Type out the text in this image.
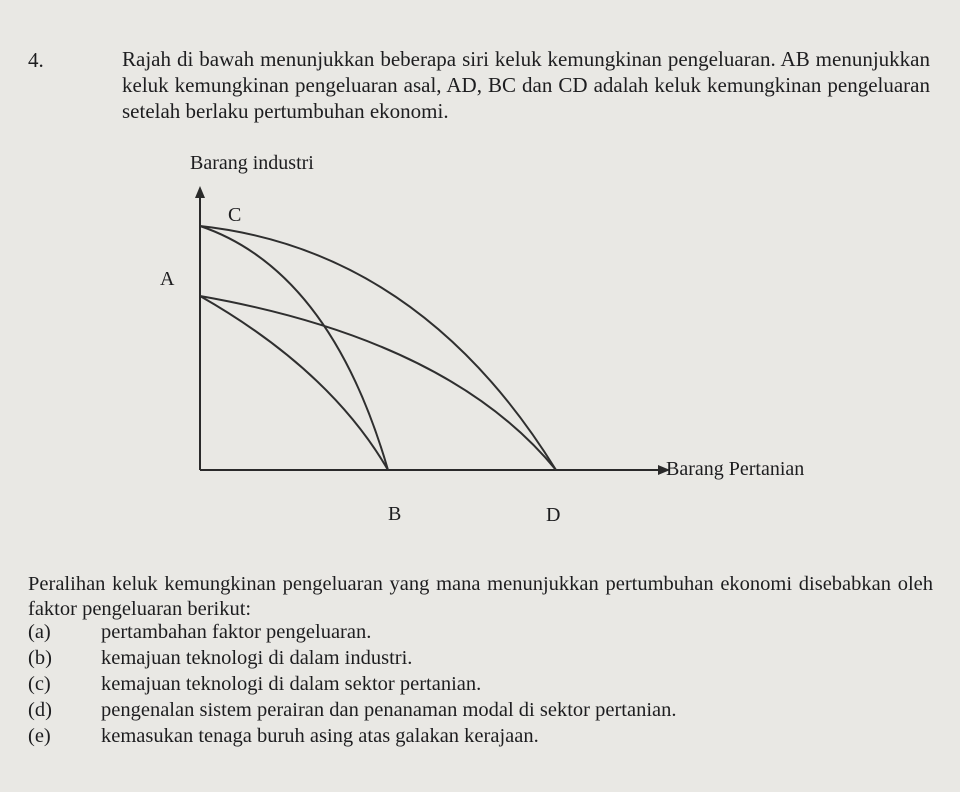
4.	Rajah di bawah menunjukkan beberapa siri keluk kemungkinan pengeluaran. AB menunjukkan keluk kemungkinan pengeluaran asal, AD, BC dan CD adalah keluk kemungkinan pengeluaran setelah berlaku pertumbuhan ekonomi.
Barang industri
C
A
Barang Pertanian
B	D
Peralihan keluk kemungkinan pengeluaran yang mana menunjukkan pertumbuhan ekonomi disebabkan oleh faktor pengeluaran berikut:
(a) pertambahan faktor pengeluaran.
(b) kemajuan teknologi di dalam industri.
(c) kemajuan teknologi di dalam sektor pertanian.
(d) pengenalan sistem perairan dan penanaman modal di sektor pertanian.
(e) kemasukan tenaga buruh asing atas galakan kerajaan.
